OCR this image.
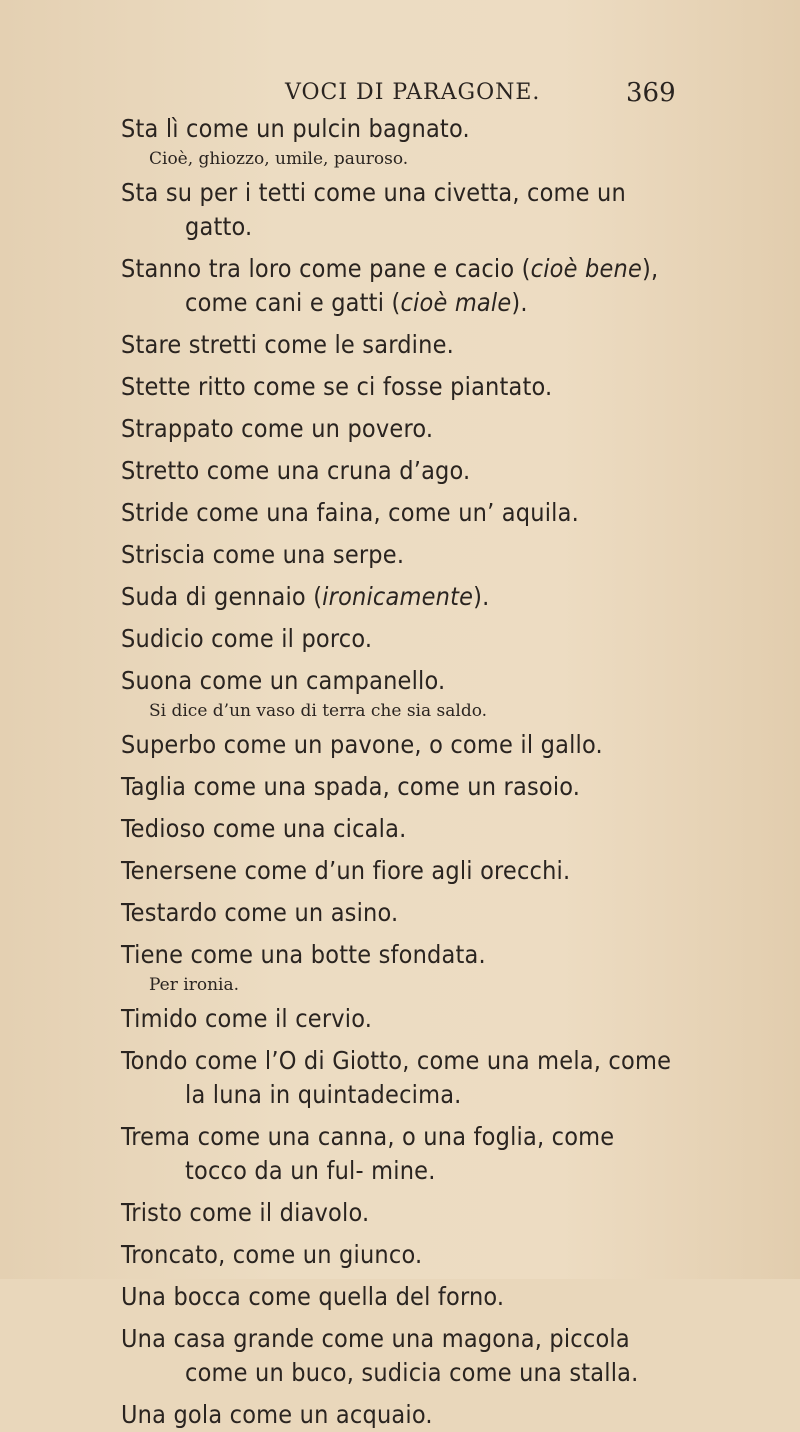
VOCI DI PARAGONE.	369

Sta lì come un pulcin bagnato.

Cioè, ghiozzo, umile, pauroso.

Sta su per i tetti come una civetta, come un gatto.

Stanno tra loro come pane e cacio (cioè bene), come cani e gatti (cioè male).

Stare stretti come le sardine.

Stette ritto come se ci fosse piantato.

Strappato come un povero.

Stretto come una cruna d’ago.

Stride come una faina, come un’ aquila.

Striscia come una serpe.

Suda di gennaio (ironicamente).

Sudicio come il porco.

Suona come un campanello.

Si dice d’un vaso di terra che sia saldo.

Superbo come un pavone, o come il gallo.

Taglia come una spada, come un rasoio.

Tedioso come una cicala.

Tenersene come d’un fiore agli orecchi.

Testardo come un asino.

Tiene come una botte sfondata.

Per ironia.

Timido come il cervio.

Tondo come l’O di Giotto, come una mela, come la luna in quintadecima.

Trema come una canna, o una foglia, come tocco da un ful- mine.

Tristo come il diavolo.

Troncato, come un giunco.

Una bocca come quella del forno.

Una casa grande come una magona, piccola come un buco, sudicia come una stalla.

Una gola come un acquaio.
